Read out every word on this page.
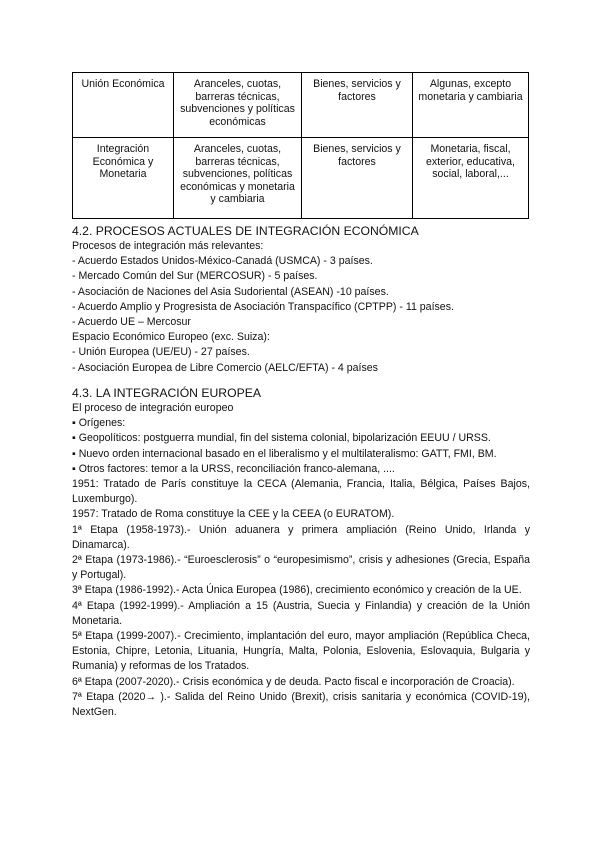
Unión Económica	Aranceles, cuotas, barreras técnicas, subvenciones y políticas económicas	Bienes, servicios y factores	Algunas, excepto monetaria y cambiaria
Integración Económica y Monetaria	Aranceles, cuotas, barreras técnicas, subvenciones, políticas económicas y monetaria y cambiaria	Bienes, servicios y factores	Monetaria, fiscal, exterior, educativa, social, laboral,...
4.2. PROCESOS ACTUALES DE INTEGRACIÓN ECONÓMICA
Procesos de integración más relevantes:
- Acuerdo Estados Unidos-México-Canadá (USMCA) - 3 países.
- Mercado Común del Sur (MERCOSUR) - 5 países.
- Asociación de Naciones del Asia Sudoriental (ASEAN) -10 países.
- Acuerdo Amplio y Progresista de Asociación Transpacífico (CPTPP) - 11 países.
- Acuerdo UE – Mercosur
Espacio Económico Europeo (exc. Suiza):
- Unión Europea (UE/EU) - 27 países.
- Asociación Europea de Libre Comercio (AELC/EFTA) - 4 países
4.3. LA INTEGRACIÓN EUROPEA
El proceso de integración europeo
▪ Orígenes:
▪ Geopolíticos: postguerra mundial, fin del sistema colonial, bipolarización EEUU / URSS.
▪ Nuevo orden internacional basado en el liberalismo y el multilateralismo: GATT, FMI, BM.
▪ Otros factores: temor a la URSS, reconciliación franco-alemana, ....
1951: Tratado de París constituye la CECA (Alemania, Francia, Italia, Bélgica, Países Bajos, Luxemburgo).
1957: Tratado de Roma constituye la CEE y la CEEA (o EURATOM).
1ª Etapa (1958-1973).- Unión aduanera y primera ampliación (Reino Unido, Irlanda y Dinamarca).
2ª Etapa (1973-1986).- “Euroesclerosis” o “europesimismo”, crisis y adhesiones (Grecia, España y Portugal).
3ª Etapa (1986-1992).- Acta Única Europea (1986), crecimiento económico y creación de la UE.
4ª Etapa (1992-1999).- Ampliación a 15 (Austria, Suecia y Finlandia) y creación de la Unión Monetaria.
5ª Etapa (1999-2007).- Crecimiento, implantación del euro, mayor ampliación (República Checa, Estonia, Chipre, Letonia, Lituania, Hungría, Malta, Polonia, Eslovenia, Eslovaquia, Bulgaria y Rumania) y reformas de los Tratados.
6ª Etapa (2007-2020).- Crisis económica y de deuda. Pacto fiscal e incorporación de Croacia).
7ª Etapa (2020→ ).- Salida del Reino Unido (Brexit), crisis sanitaria y económica (COVID-19), NextGen.
